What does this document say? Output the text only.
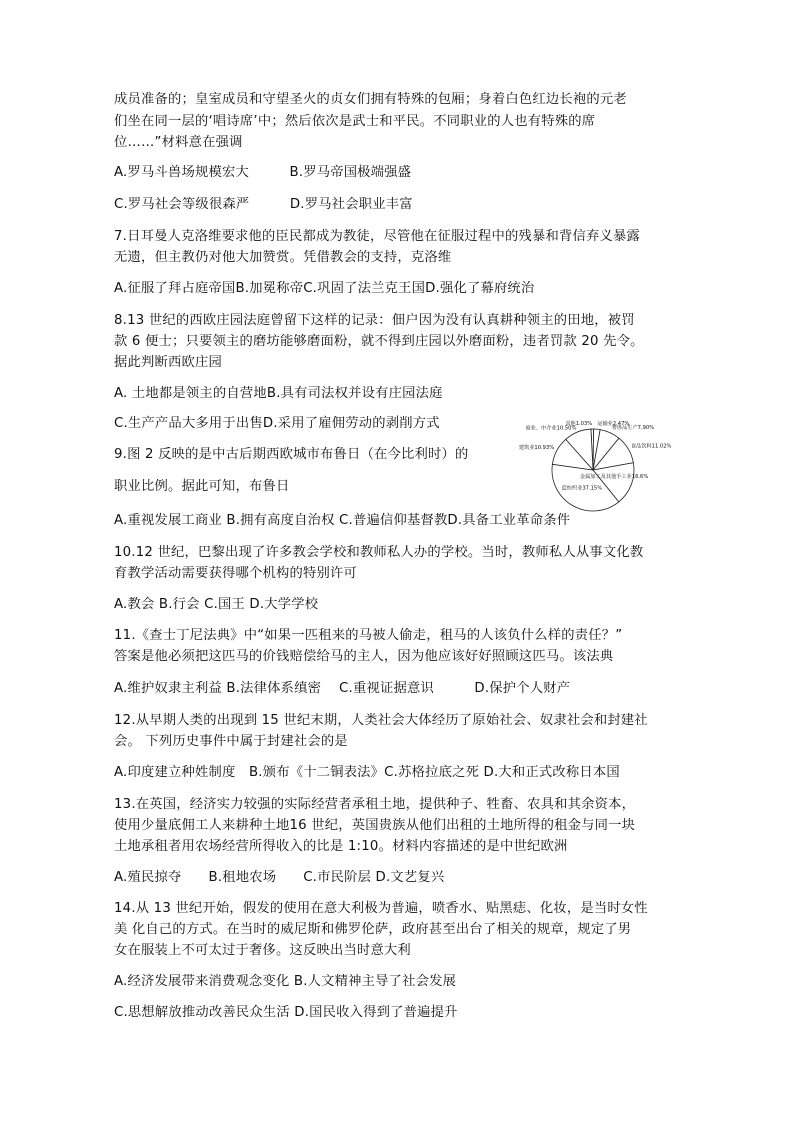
成员准备的；皇室成员和守望圣火的贞女们拥有特殊的包厢；身着白色红边长袍的元老
们坐在同一层的‘唱诗席’中；然后依次是武士和平民。不同职业的人也有特殊的席
位……”材料意在强调
A.罗马斗兽场规模宏大　　　B.罗马帝国极端强盛
C.罗马社会等级很森严　　　D.罗马社会职业丰富
7.日耳曼人克洛维要求他的臣民都成为教徒，尽管他在征服过程中的残暴和背信弃义暴露
无遗，但主教仍对他大加赞赏。凭借教会的支持，克洛维
A.征服了拜占庭帝国B.加冕称帝C.巩固了法兰克王国D.强化了幕府统治
8.13 世纪的西欧庄园法庭曾留下这样的记录：佃户因为没有认真耕种领主的田地，被罚
款 6 便士；只要领主的磨坊能够磨面粉，就不得到庄园以外磨面粉，违者罚款 20 先令。
据此判断西欧庄园
A. 土地都是领主的自营地B.具有司法权并设有庄园法庭
C.生产产品大多用于出售D.采用了雇佣劳动的剥削方式
9.图 2 反映的是中古后期西欧城市布鲁日（在今比利时）的
职业比例。据此可知，布鲁日
A.重视发展工商业 B.拥有高度自治权 C.普遍信仰基督教D.具备工业革命条件
10.12 世纪，巴黎出现了许多教会学校和教师私人办的学校。当时，教师私人从事文化教
育教学活动需要获得哪个机构的特别许可
A.教会 B.行会 C.国王 D.大学学校
11.《查士丁尼法典》中“如果一匹租来的马被人偷走，租马的人该负什么样的责任？”
答案是他必须把这匹马的价钱赔偿给马的主人，因为他应该好好照顾这匹马。该法典
A.维护奴隶主利益 B.法律体系缜密　 C.重视证据意识　　　D.保护个人财产
12.从早期人类的出现到 15 世纪末期，人类社会大体经历了原始社会、奴隶社会和封建社
会。 下列历史事件中属于封建社会的是
A.印度建立种姓制度　B.颁布《十二铜表法》C.苏格拉底之死 D.大和正式改称日本国
13.在英国，经济实力较强的实际经营者承租土地，提供种子、牲畜、农具和其余资本，
使用少量底佣工人来耕种土地16 世纪，英国贵族从他们出租的土地所得的租金与同一块
土地承租者用农场经营所得收入的比是 1:10。材料内容描述的是中世纪欧洲
A.殖民掠夺　　B.租地农场　　C.市民阶层 D.文艺复兴
14.从 13 世纪开始，假发的使用在意大利极为普遍，喷香水、贴黑痣、化妆，是当时女性
美 化自己的方式。在当时的威尼斯和佛罗伦萨，政府甚至出台了相关的规章，规定了男
女在服装上不可太过于奢侈。这反映出当时意大利
A.经济发展带来消费观念变化 B.人文精神主导了社会发展
C.思想解放推动改善民众生活 D.国民收入得到了普遍提升
其他1.03% 运输业2.47%
奢侈品生产7.90%
食品饮料11.02%
金属加工及其他手工业16.6%
造纺织业37.15%
建筑业10.93%
商业、中介业10.50%
